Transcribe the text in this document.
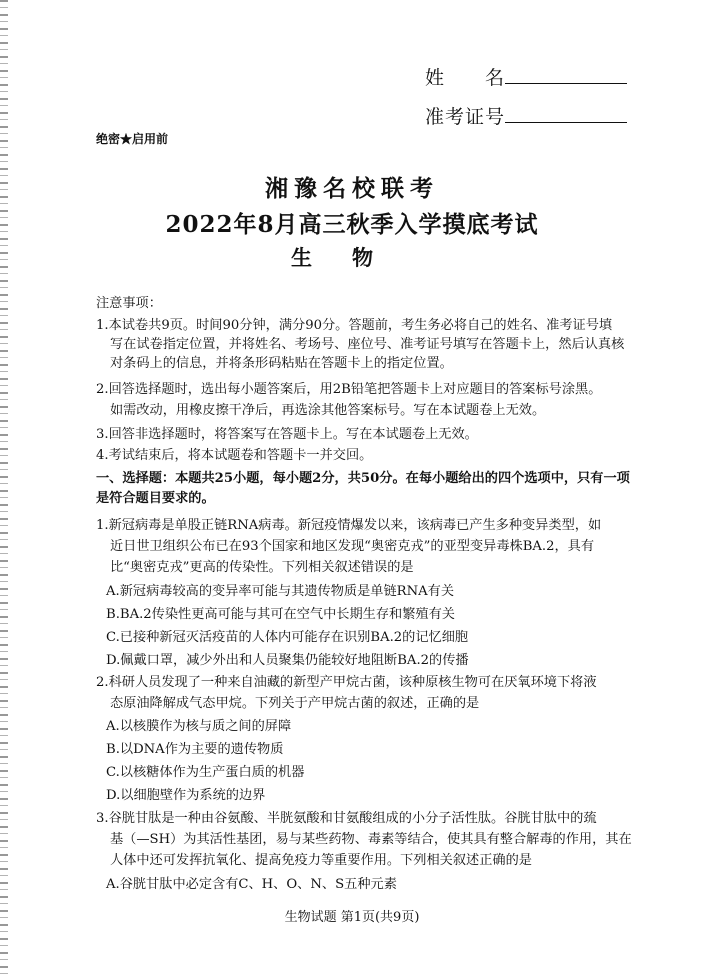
姓　　名
准考证号
绝密★启用前
湘豫名校联考
2022年8月高三秋季入学摸底考试
生物
注意事项：
1.本试卷共9页。时间90分钟，满分90分。答题前，考生务必将自己的姓名、准考证号填
写在试卷指定位置，并将姓名、考场号、座位号、准考证号填写在答题卡上，然后认真核
对条码上的信息，并将条形码粘贴在答题卡上的指定位置。
2.回答选择题时，选出每小题答案后，用2B铅笔把答题卡上对应题目的答案标号涂黑。
如需改动，用橡皮擦干净后，再选涂其他答案标号。写在本试题卷上无效。
3.回答非选择题时，将答案写在答题卡上。写在本试题卷上无效。
4.考试结束后，将本试题卷和答题卡一并交回。
一、选择题：本题共25小题，每小题2分，共50分。在每小题给出的四个选项中，只有一项
是符合题目要求的。
1.新冠病毒是单股正链RNA病毒。新冠疫情爆发以来，该病毒已产生多种变异类型，如
近日世卫组织公布已在93个国家和地区发现“奥密克戎”的亚型变异毒株BA.2，具有
比“奥密克戎”更高的传染性。下列相关叙述错误的是
A.新冠病毒较高的变异率可能与其遗传物质是单链RNA有关
B.BA.2传染性更高可能与其可在空气中长期生存和繁殖有关
C.已接种新冠灭活疫苗的人体内可能存在识别BA.2的记忆细胞
D.佩戴口罩，减少外出和人员聚集仍能较好地阻断BA.2的传播
2.科研人员发现了一种来自油藏的新型产甲烷古菌，该种原核生物可在厌氧环境下将液
态原油降解成气态甲烷。下列关于产甲烷古菌的叙述，正确的是
A.以核膜作为核与质之间的屏障
B.以DNA作为主要的遗传物质
C.以核糖体作为生产蛋白质的机器
D.以细胞壁作为系统的边界
3.谷胱甘肽是一种由谷氨酸、半胱氨酸和甘氨酸组成的小分子活性肽。谷胱甘肽中的巯
基（—SH）为其活性基团，易与某些药物、毒素等结合，使其具有整合解毒的作用，其在
人体中还可发挥抗氧化、提高免疫力等重要作用。下列相关叙述正确的是
A.谷胱甘肽中必定含有C、H、O、N、S五种元素
生物试题 第1页(共9页)
